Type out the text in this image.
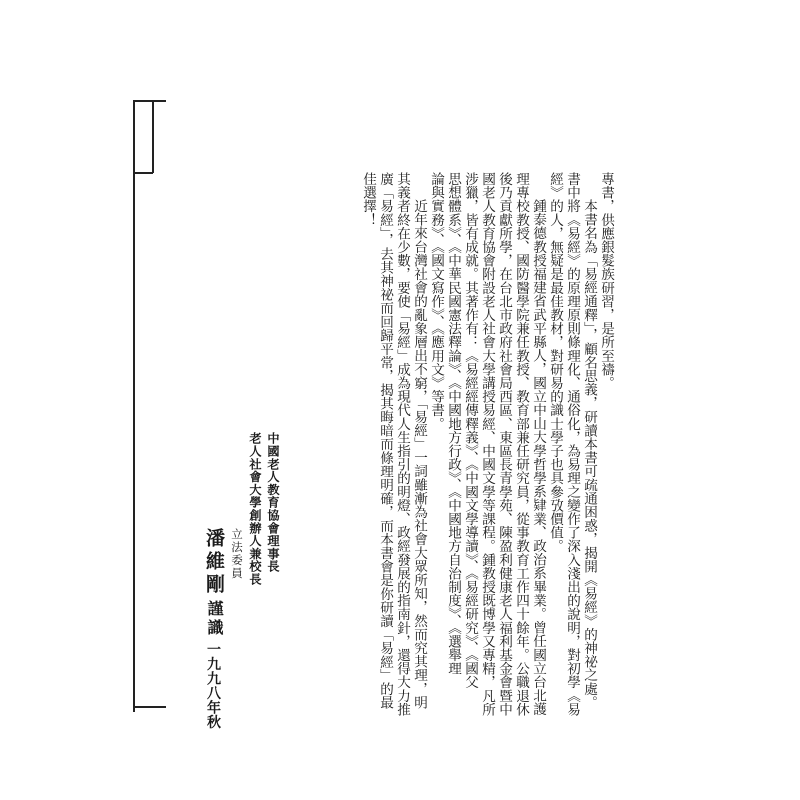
專書，供應銀髮族研習，是所至禱。
本書名為「易經通釋」，顧名思義，研讀本書可疏通困惑，揭開《易經》的神祕之處。
書中將《易經》的原理原則條理化、通俗化，為易理之變作了深入淺出的說明，對初學《易
經》的人，無疑是最佳教材，對研易的識士學子也具參攷價值。
鍾泰德教授福建省武平縣人，國立中山大學哲學系肄業、政治系畢業。曾任國立台北護
理專校教授、國防醫學院兼任教授、教育部兼任研究員，從事教育工作四十餘年。公職退休
後乃貢獻所學，在台北市政府社會局西區、東區長青學苑、陳盈利健康老人福利基金會暨中
國老人教育協會附設老人社會大學講授易經、中國文學等課程。鍾教授既博學又專精，凡所
涉獵，皆有成就。其著作有：《易經經傳釋義》、《中國文學導讀》、《易經研究》、《國父
思想體系》、《中華民國憲法釋論》、《中國地方行政》、《中國地方自治制度》、《選舉理
論與實務》、《國文寫作》、《應用文》等書。
近年來台灣社會的亂象層出不窮，「易經」一詞雖漸為社會大眾所知，然而究其理，明
其義者終在少數，要使「易經」成為現代人生指引的明燈、政經發展的指南針，還得大力推
廣「易經」，去其神祕而回歸平常，揭其晦暗而條理明確，而本書會是你研讀「易經」的最
佳選擇！
中國老人教育協會理事長
老人社會大學創辦人兼校長
立法委員
潘維剛
謹識
一九九八年秋
